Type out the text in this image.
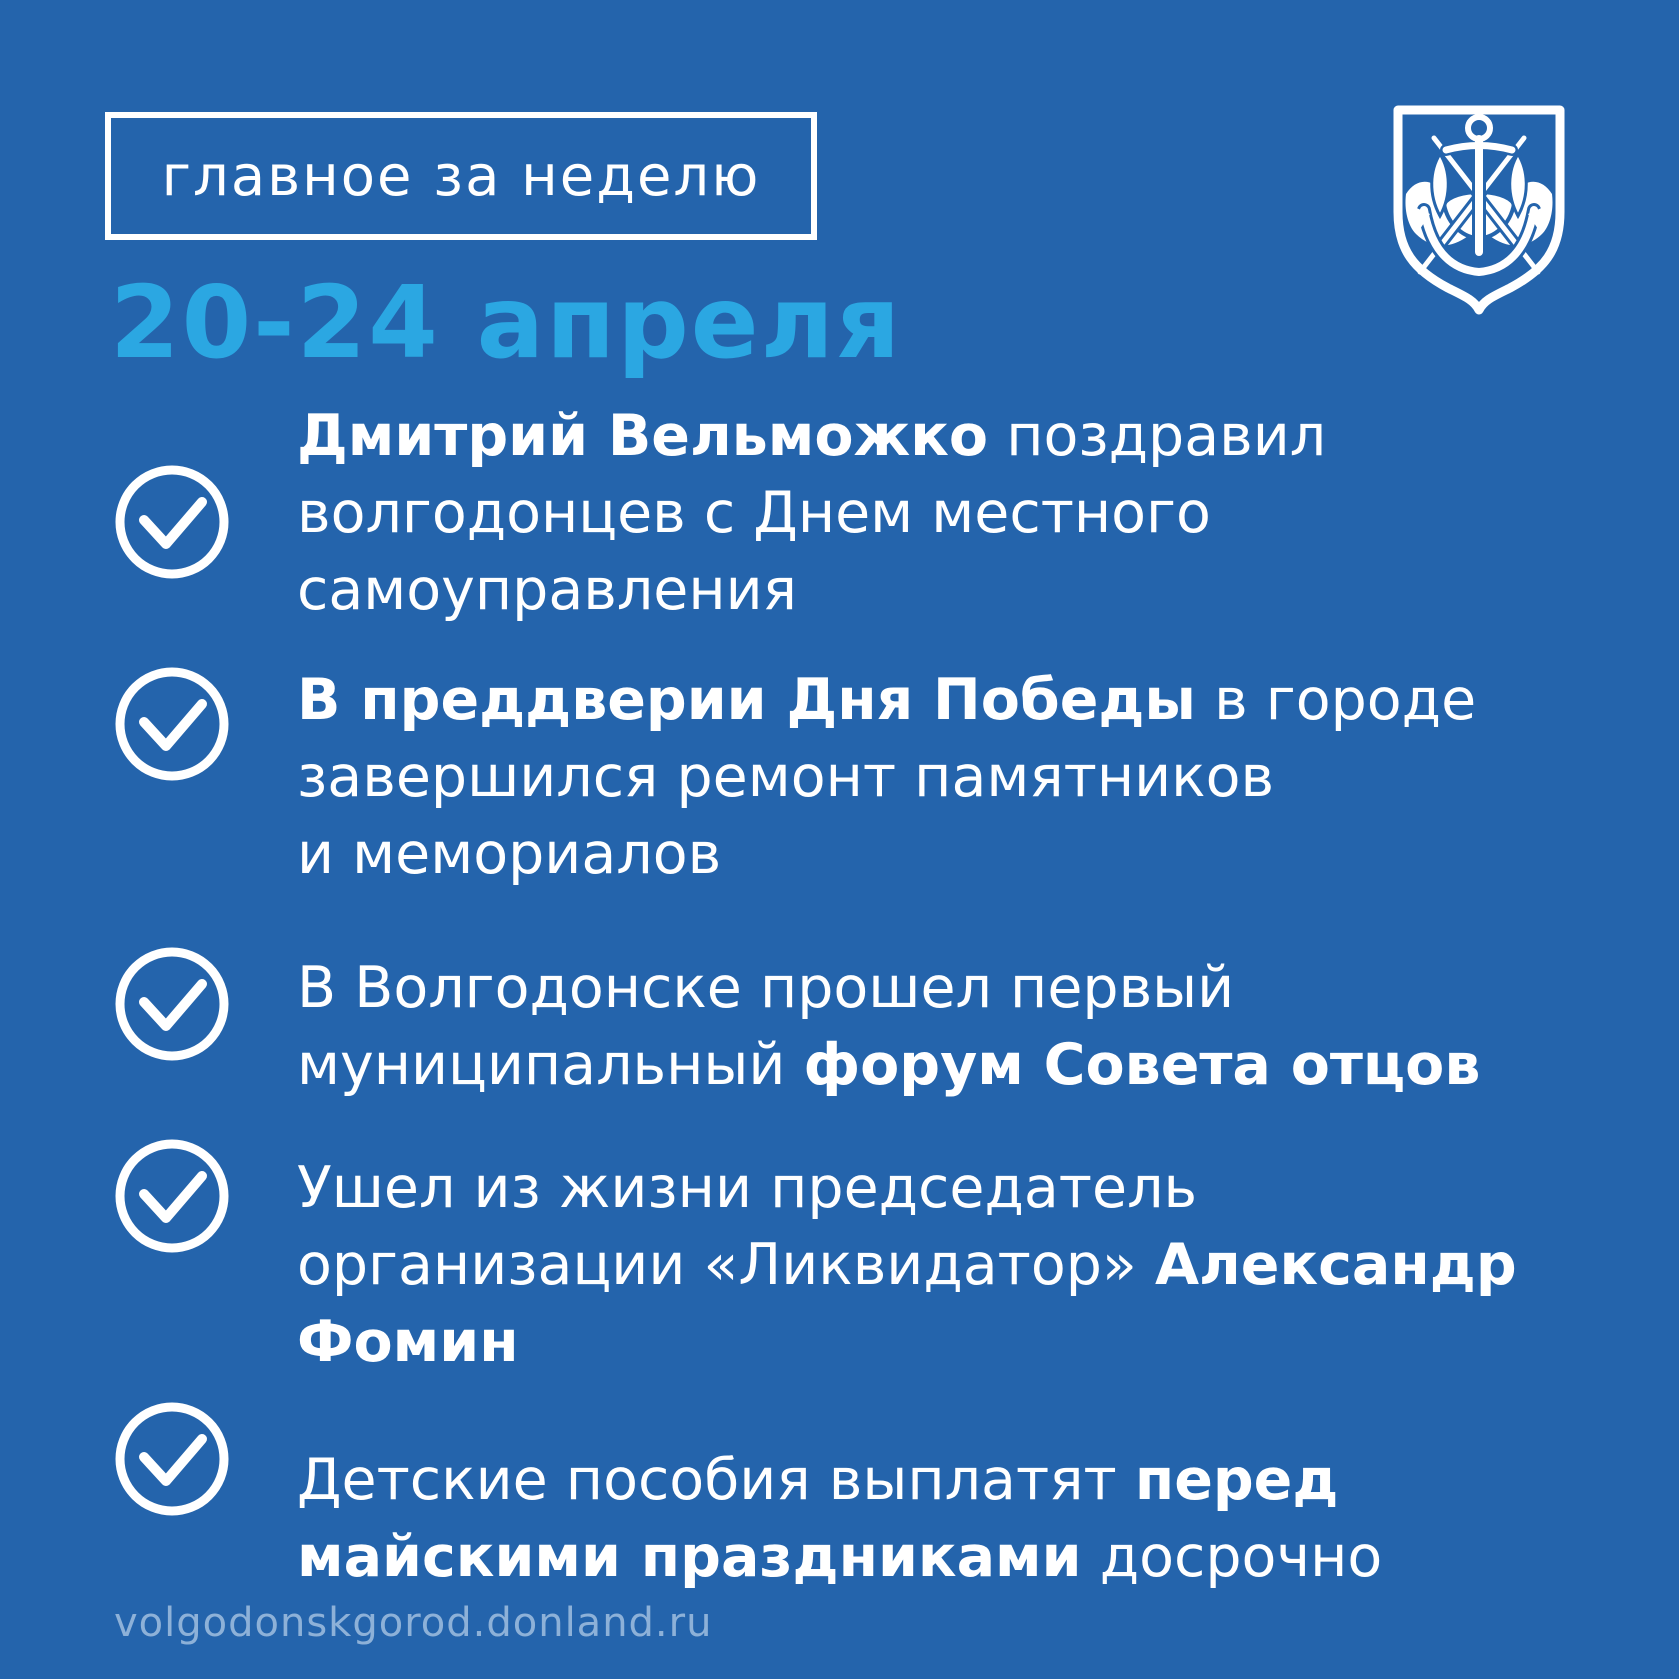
главное за неделю
20-24 апреля
Дмитрий Вельможко поздравил
волгодонцев с Днем местного
самоуправления
В преддверии Дня Победы в городе
завершился ремонт памятников
и мемориалов
В Волгодонске прошел первый
муниципальный форум Совета отцов
Ушел из жизни председатель
организации «Ликвидатор» Александр
Фомин
Детские пособия выплатят перед
майскими праздниками досрочно
volgodonskgorod.donland.ru
